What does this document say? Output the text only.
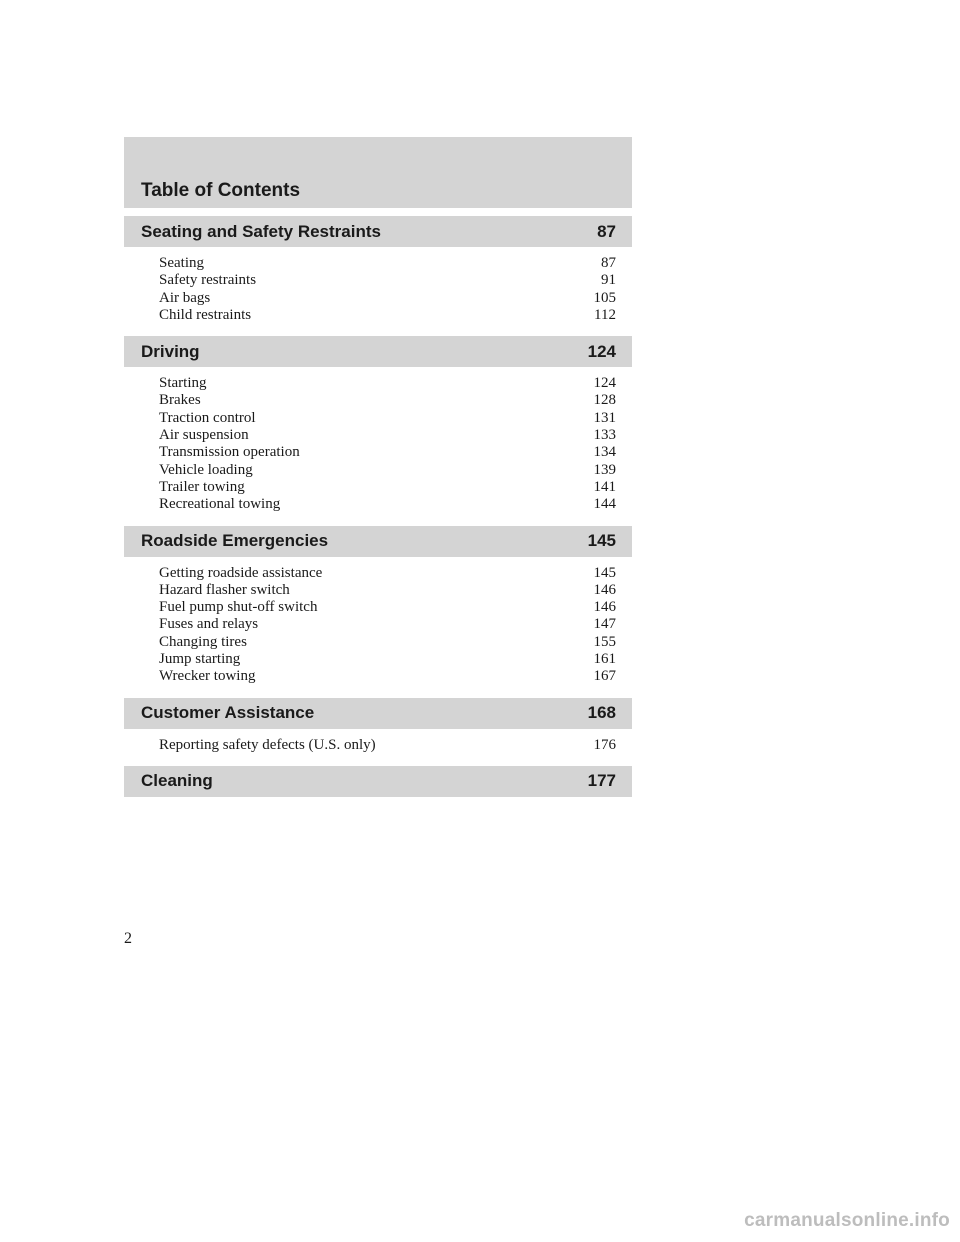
Table of Contents
Seating and Safety Restraints	87
Seating	87
Safety restraints	91
Air bags	105
Child restraints	112
Driving	124
Starting	124
Brakes	128
Traction control	131
Air suspension	133
Transmission operation	134
Vehicle loading	139
Trailer towing	141
Recreational towing	144
Roadside Emergencies	145
Getting roadside assistance	145
Hazard flasher switch	146
Fuel pump shut-off switch	146
Fuses and relays	147
Changing tires	155
Jump starting	161
Wrecker towing	167
Customer Assistance	168
Reporting safety defects (U.S. only)	176
Cleaning	177
2
carmanualsonline.info
